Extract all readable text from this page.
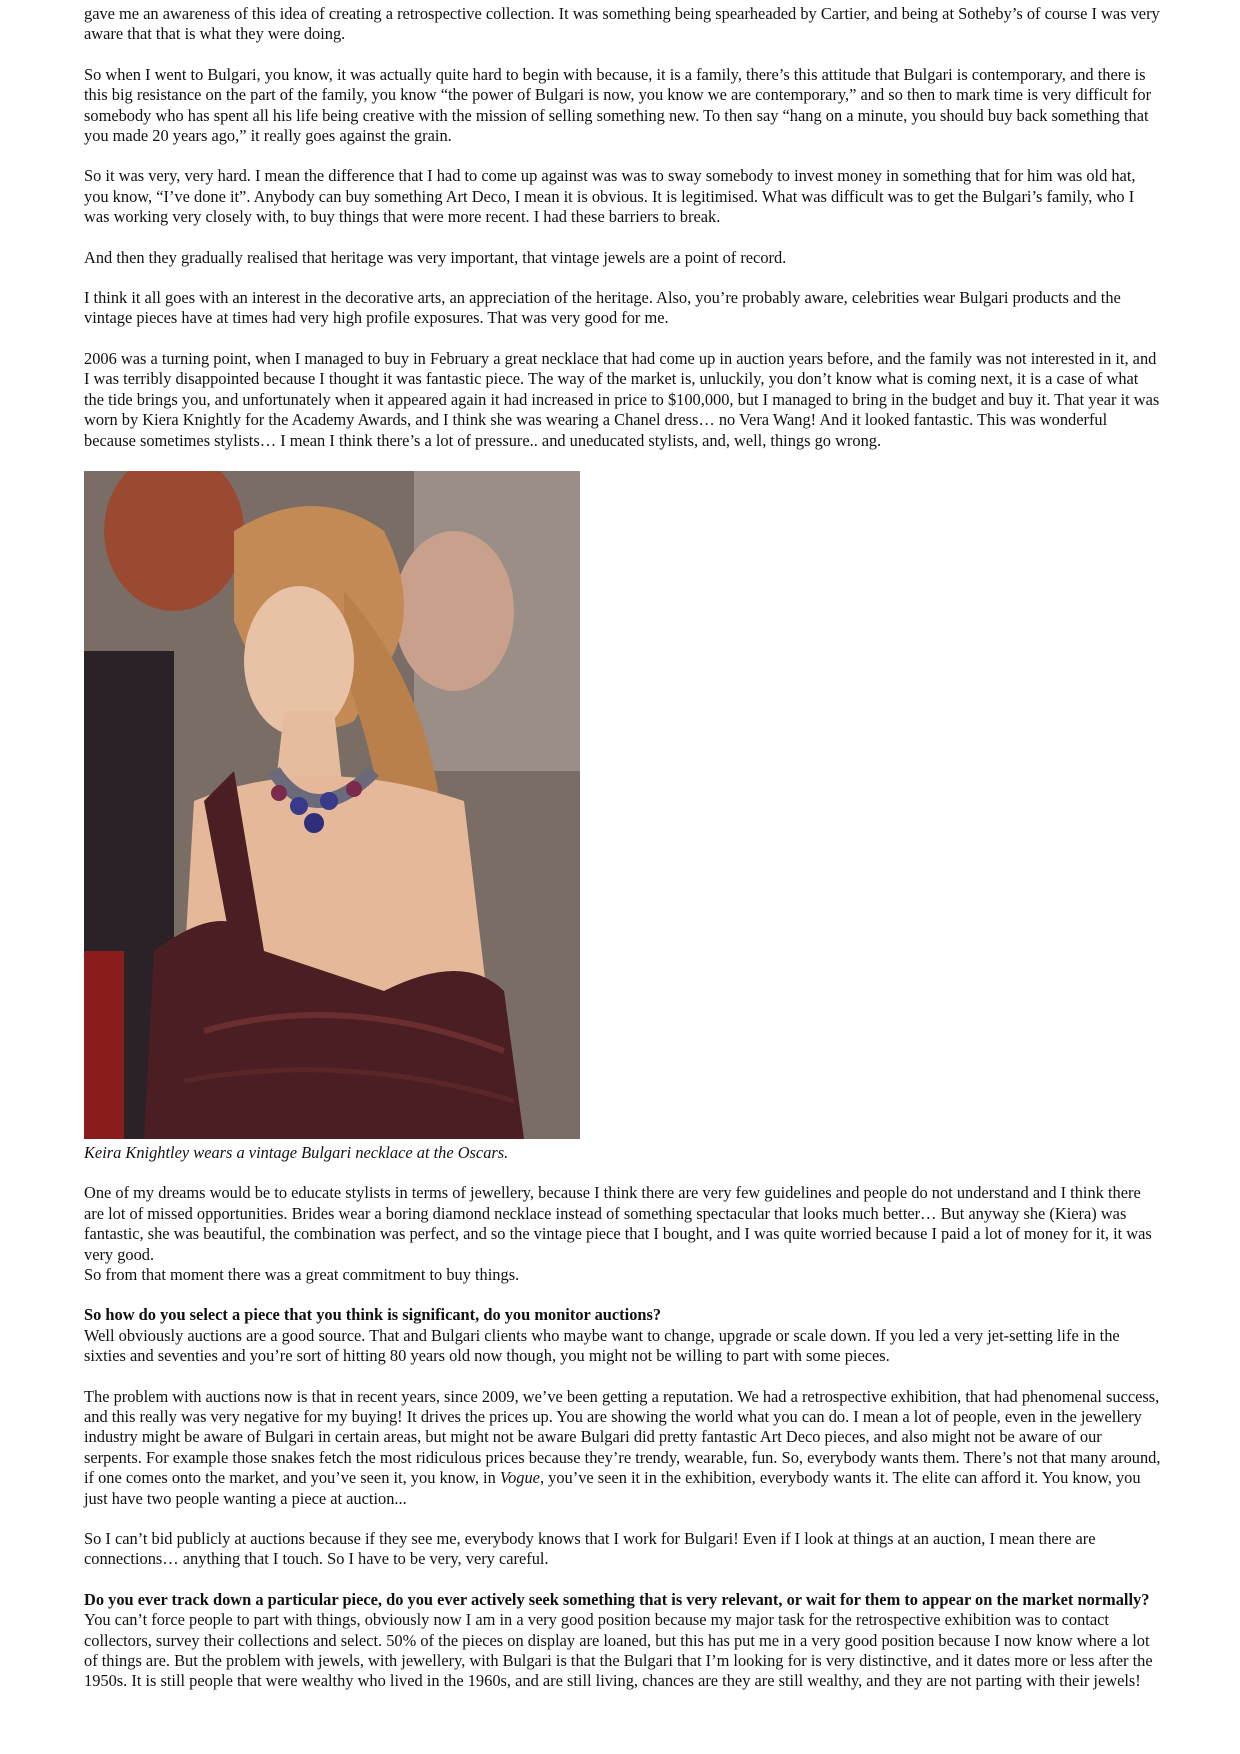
gave me an awareness of this idea of creating a retrospective collection. It was something being spearheaded by Cartier, and being at Sotheby’s of course I was very aware that that is what they were doing.

So when I went to Bulgari, you know, it was actually quite hard to begin with because, it is a family, there’s this attitude that Bulgari is contemporary, and there is this big resistance on the part of the family, you know “the power of Bulgari is now, you know we are contemporary,” and so then to mark time is very difficult for somebody who has spent all his life being creative with the mission of selling something new. To then say “hang on a minute, you should buy back something that you made 20 years ago,” it really goes against the grain.

So it was very, very hard. I mean the difference that I had to come up against was was to sway somebody to invest money in something that for him was old hat, you know, “I’ve done it”. Anybody can buy something Art Deco, I mean it is obvious. It is legitimised. What was difficult was to get the Bulgari’s family, who I was working very closely with, to buy things that were more recent. I had these barriers to break.

And then they gradually realised that heritage was very important, that vintage jewels are a point of record.

I think it all goes with an interest in the decorative arts, an appreciation of the heritage. Also, you’re probably aware, celebrities wear Bulgari products and the vintage pieces have at times had very high profile exposures. That was very good for me.

2006 was a turning point, when I managed to buy in February a great necklace that had come up in auction years before, and the family was not interested in it, and I was terribly disappointed because I thought it was fantastic piece. The way of the market is, unluckily, you don’t know what is coming next, it is a case of what the tide brings you, and unfortunately when it appeared again it had increased in price to $100,000, but I managed to bring in the budget and buy it. That year it was worn by Kiera Knightly for the Academy Awards, and I think she was wearing a Chanel dress… no Vera Wang! And it looked fantastic. This was wonderful because sometimes stylists… I mean I think there’s a lot of pressure.. and uneducated stylists, and, well, things go wrong.

Keira Knightley wears a vintage Bulgari necklace at the Oscars.

One of my dreams would be to educate stylists in terms of jewellery, because I think there are very few guidelines and people do not understand and I think there are lot of missed opportunities. Brides wear a boring diamond necklace instead of something spectacular that looks much better… But anyway she (Kiera) was fantastic, she was beautiful, the combination was perfect, and so the vintage piece that I bought, and I was quite worried because I paid a lot of money for it, it was very good.

So from that moment there was a great commitment to buy things.

So how do you select a piece that you think is significant, do you monitor auctions?

Well obviously auctions are a good source. That and Bulgari clients who maybe want to change, upgrade or scale down. If you led a very jet-setting life in the sixties and seventies and you’re sort of hitting 80 years old now though, you might not be willing to part with some pieces.

The problem with auctions now is that in recent years, since 2009, we’ve been getting a reputation. We had a retrospective exhibition, that had phenomenal success, and this really was very negative for my buying! It drives the prices up. You are showing the world what you can do. I mean a lot of people, even in the jewellery industry might be aware of Bulgari in certain areas, but might not be aware Bulgari did pretty fantastic Art Deco pieces, and also might not be aware of our serpents. For example those snakes fetch the most ridiculous prices because they’re trendy, wearable, fun. So, everybody wants them. There’s not that many around, if one comes onto the market, and you’ve seen it, you know, in Vogue, you’ve seen it in the exhibition, everybody wants it. The elite can afford it. You know, you just have two people wanting a piece at auction...

So I can’t bid publicly at auctions because if they see me, everybody knows that I work for Bulgari! Even if I look at things at an auction, I mean there are connections… anything that I touch. So I have to be very, very careful.

Do you ever track down a particular piece, do you ever actively seek something that is very relevant, or wait for them to appear on the market normally?

You can’t force people to part with things, obviously now I am in a very good position because my major task for the retrospective exhibition was to contact collectors, survey their collections and select. 50% of the pieces on display are loaned, but this has put me in a very good position because I now know where a lot of things are. But the problem with jewels, with jewellery, with Bulgari is that the Bulgari that I’m looking for is very distinctive, and it dates more or less after the 1950s. It is still people that were wealthy who lived in the 1960s, and are still living, chances are they are still wealthy, and they are not parting with their jewels!
